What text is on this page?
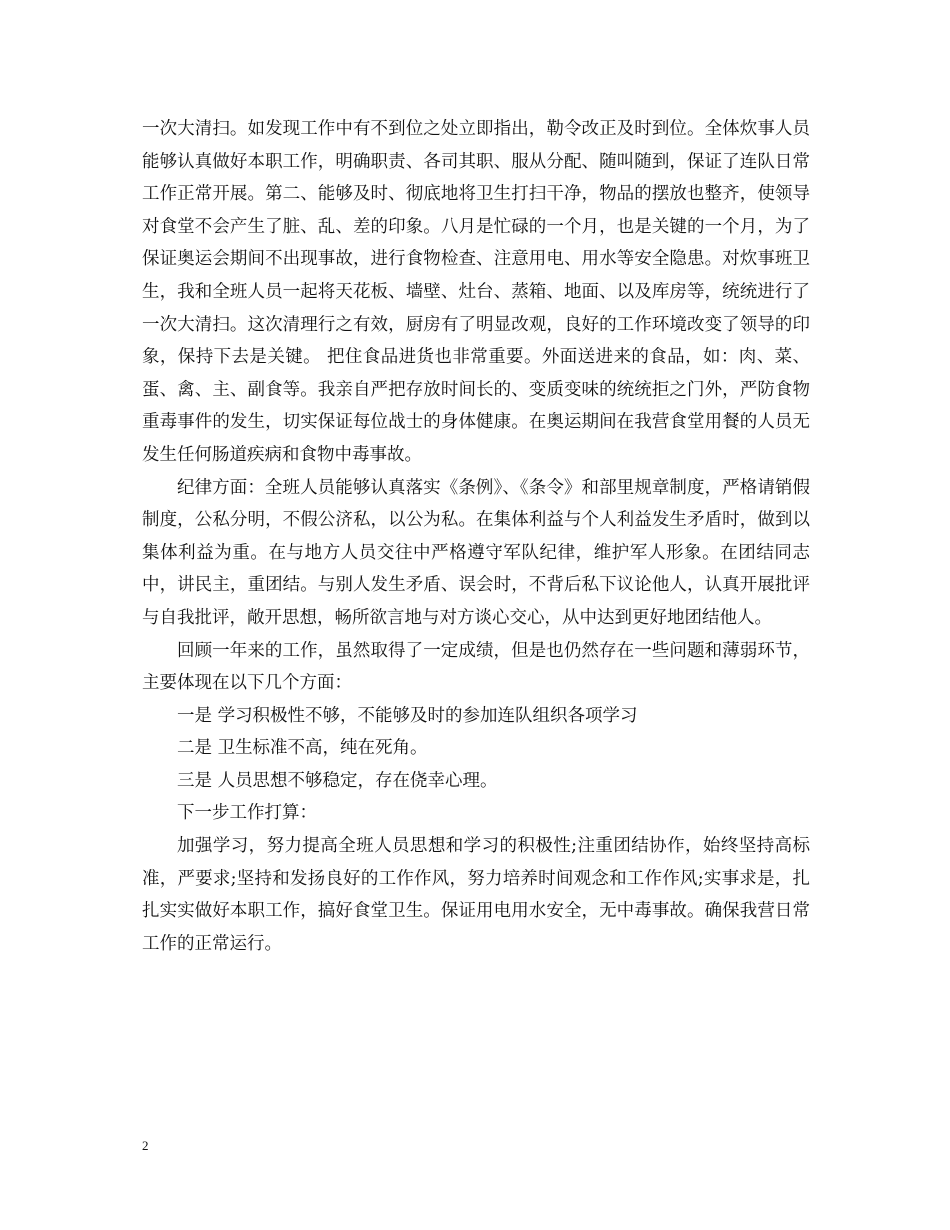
一次大清扫。如发现工作中有不到位之处立即指出，勒令改正及时到位。全体炊事人员能够认真做好本职工作，明确职责、各司其职、服从分配、随叫随到，保证了连队日常工作正常开展。第二、能够及时、彻底地将卫生打扫干净，物品的摆放也整齐，使领导对食堂不会产生了脏、乱、差的印象。八月是忙碌的一个月，也是关键的一个月，为了保证奥运会期间不出现事故，进行食物检查、注意用电、用水等安全隐患。对炊事班卫生，我和全班人员一起将天花板、墙壁、灶台、蒸箱、地面、以及库房等，统统进行了一次大清扫。这次清理行之有效，厨房有了明显改观，良好的工作环境改变了领导的印象，保持下去是关键。 把住食品进货也非常重要。外面送进来的食品，如：肉、菜、蛋、禽、主、副食等。我亲自严把存放时间长的、变质变味的统统拒之门外，严防食物重毒事件的发生，切实保证每位战士的身体健康。在奥运期间在我营食堂用餐的人员无发生任何肠道疾病和食物中毒事故。

纪律方面：全班人员能够认真落实《条例》、《条令》和部里规章制度，严格请销假制度，公私分明，不假公济私，以公为私。在集体利益与个人利益发生矛盾时，做到以集体利益为重。在与地方人员交往中严格遵守军队纪律，维护军人形象。在团结同志中，讲民主，重团结。与别人发生矛盾、误会时，不背后私下议论他人，认真开展批评与自我批评，敞开思想，畅所欲言地与对方谈心交心，从中达到更好地团结他人。

回顾一年来的工作，虽然取得了一定成绩，但是也仍然存在一些问题和薄弱环节，主要体现在以下几个方面：

一是 学习积极性不够，不能够及时的参加连队组织各项学习

二是 卫生标准不高，纯在死角。

三是 人员思想不够稳定，存在侥幸心理。

下一步工作打算：

加强学习，努力提高全班人员思想和学习的积极性;注重团结协作，始终坚持高标准，严要求;坚持和发扬良好的工作作风，努力培养时间观念和工作作风;实事求是，扎扎实实做好本职工作，搞好食堂卫生。保证用电用水安全，无中毒事故。确保我营日常工作的正常运行。

2
